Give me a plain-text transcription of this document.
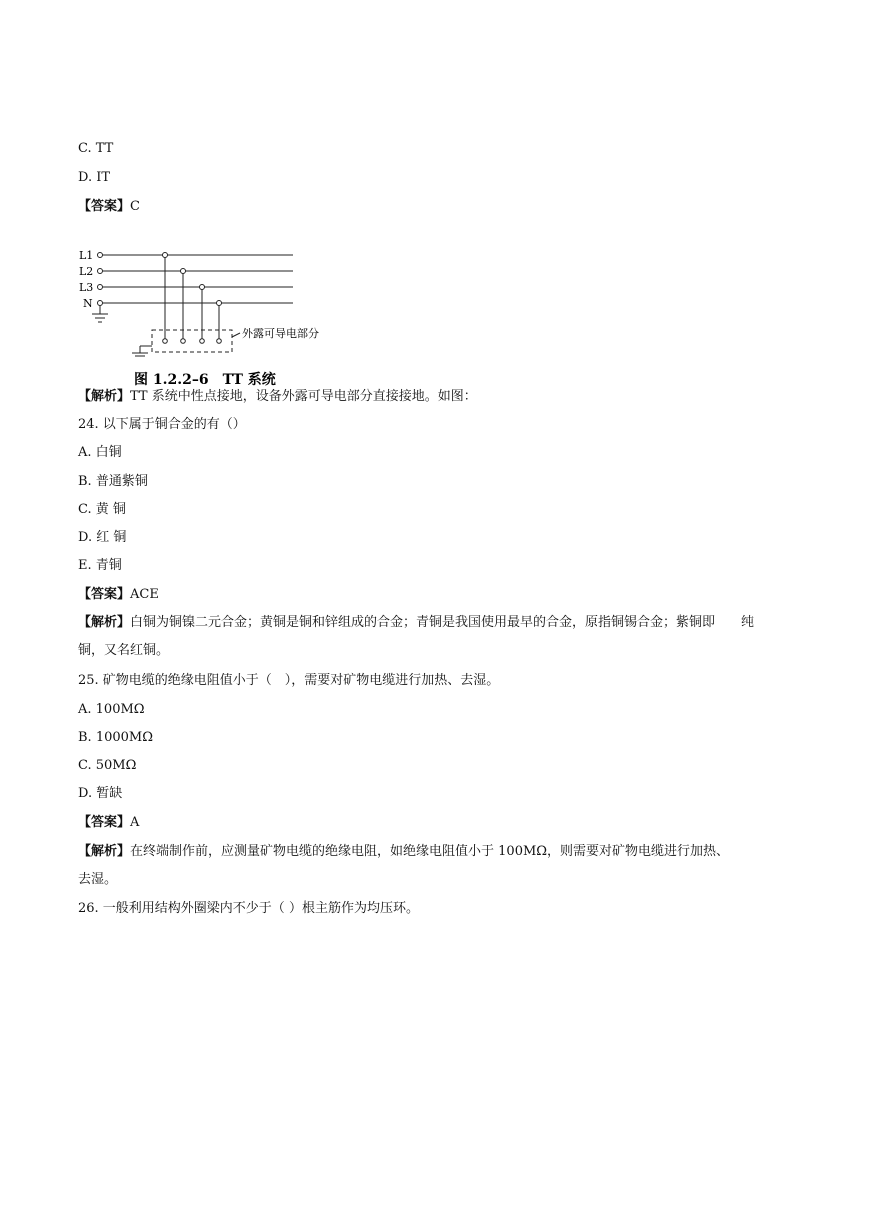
C. TT
D. IT
【答案】C
L1
L2
L3
N
外露可导电部分
图 1.2.2–6　TT 系统
【解析】TT 系统中性点接地，设备外露可导电部分直接接地。如图：
24. 以下属于铜合金的有（）
A. 白铜
B. 普通紫铜
C. 黄 铜
D. 红 铜
E. 青铜
【答案】ACE
【解析】白铜为铜镍二元合金；黄铜是铜和锌组成的合金；青铜是我国使用最早的合金，原指铜锡合金；紫铜即　　纯
铜，又名红铜。
25. 矿物电缆的绝缘电阻值小于（　），需要对矿物电缆进行加热、去湿。
A. 100MΩ
B. 1000MΩ
C. 50MΩ
D. 暂缺
【答案】A
【解析】在终端制作前，应测量矿物电缆的绝缘电阻，如绝缘电阻值小于 100MΩ，则需要对矿物电缆进行加热、
去湿。
26. 一般利用结构外圈梁内不少于（ ）根主筋作为均压环。
